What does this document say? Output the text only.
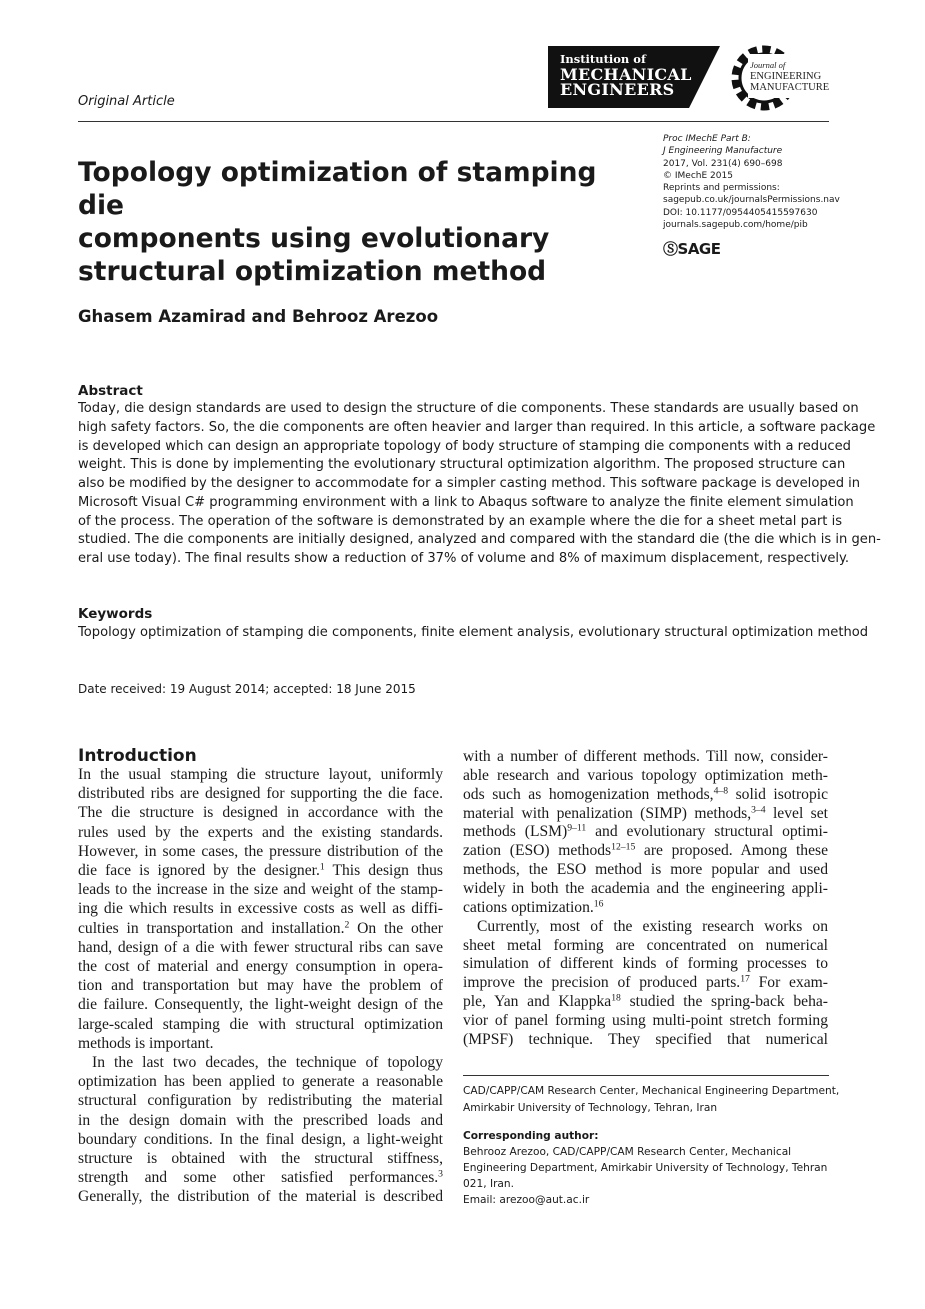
Original Article
Institution of
MECHANICAL
ENGINEERS
Journal of
ENGINEERING
MANUFACTURE
Proc IMechE Part B:
J Engineering Manufacture
2017, Vol. 231(4) 690–698
© IMechE 2015
Reprints and permissions:
sagepub.co.uk/journalsPermissions.nav
DOI: 10.1177/0954405415597630
journals.sagepub.com/home/pib
ⓈSAGE
Topology optimization of stamping die
components using evolutionary
structural optimization method
Ghasem Azamirad and Behrooz Arezoo
Abstract
Today, die design standards are used to design the structure of die components. These standards are usually based on
high safety factors. So, the die components are often heavier and larger than required. In this article, a software package
is developed which can design an appropriate topology of body structure of stamping die components with a reduced
weight. This is done by implementing the evolutionary structural optimization algorithm. The proposed structure can
also be modified by the designer to accommodate for a simpler casting method. This software package is developed in
Microsoft Visual C# programming environment with a link to Abaqus software to analyze the finite element simulation
of the process. The operation of the software is demonstrated by an example where the die for a sheet metal part is
studied. The die components are initially designed, analyzed and compared with the standard die (the die which is in gen-
eral use today). The final results show a reduction of 37% of volume and 8% of maximum displacement, respectively.
Keywords
Topology optimization of stamping die components, finite element analysis, evolutionary structural optimization method
Date received: 19 August 2014; accepted: 18 June 2015
Introduction
In the usual stamping die structure layout, uniformly
distributed ribs are designed for supporting the die face.
The die structure is designed in accordance with the
rules used by the experts and the existing standards.
However, in some cases, the pressure distribution of the
die face is ignored by the designer.$^1$ This design thus
leads to the increase in the size and weight of the stamp-
ing die which results in excessive costs as well as diffi-
culties in transportation and installation.$^2$ On the other
hand, design of a die with fewer structural ribs can save
the cost of material and energy consumption in opera-
tion and transportation but may have the problem of
die failure. Consequently, the light-weight design of the
large-scaled stamping die with structural optimization
methods is important.
In the last two decades, the technique of topology
optimization has been applied to generate a reasonable
structural configuration by redistributing the material
in the design domain with the prescribed loads and
boundary conditions. In the final design, a light-weight
structure is obtained with the structural stiffness,
strength and some other satisfied performances.$^3$
Generally, the distribution of the material is described
with a number of different methods. Till now, consider-
able research and various topology optimization meth-
ods such as homogenization methods,$^{4-8}$ solid isotropic
material with penalization (SIMP) methods,$^{3-4}$ level set
methods (LSM)$^{9-11}$ and evolutionary structural optimi-
zation (ESO) methods$^{12-15}$ are proposed. Among these
methods, the ESO method is more popular and used
widely in both the academia and the engineering appli-
cations optimization.$^{16}$
Currently, most of the existing research works on
sheet metal forming are concentrated on numerical
simulation of different kinds of forming processes to
improve the precision of produced parts.$^{17}$ For exam-
ple, Yan and Klappka$^{18}$ studied the spring-back beha-
vior of panel forming using multi-point stretch forming
(MPSF) technique. They specified that numerical
CAD/CAPP/CAM Research Center, Mechanical Engineering Department,
Amirkabir University of Technology, Tehran, Iran
Corresponding author:
Behrooz Arezoo, CAD/CAPP/CAM Research Center, Mechanical
Engineering Department, Amirkabir University of Technology, Tehran
021, Iran.
Email: arezoo@aut.ac.ir
